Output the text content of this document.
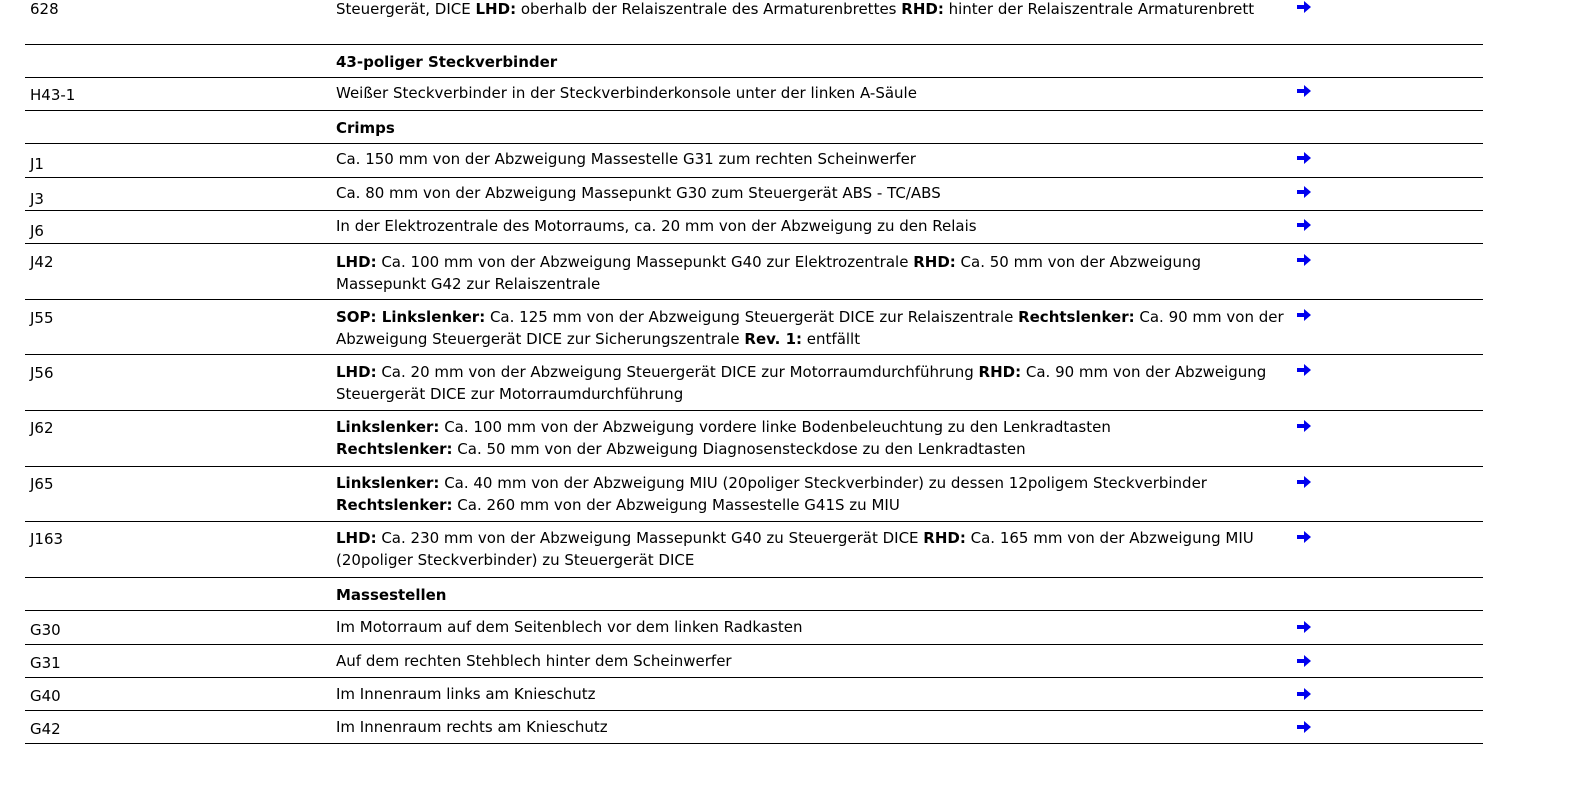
628	Steuergerät, DICE LHD: oberhalb der Relaiszentrale des Armaturenbrettes RHD: hinter der Relaiszentrale Armaturenbrett
43-poliger Steckverbinder
H43-1	Weißer Steckverbinder in der Steckverbinderkonsole unter der linken A-Säule
Crimps
J1	Ca. 150 mm von der Abzweigung Massestelle G31 zum rechten Scheinwerfer
J3	Ca. 80 mm von der Abzweigung Massepunkt G30 zum Steuergerät ABS - TC/ABS
J6	In der Elektrozentrale des Motorraums, ca. 20 mm von der Abzweigung zu den Relais
J42	LHD: Ca. 100 mm von der Abzweigung Massepunkt G40 zur Elektrozentrale RHD: Ca. 50 mm von der Abzweigung Massepunkt G42 zur Relaiszentrale
J55	SOP: Linkslenker: Ca. 125 mm von der Abzweigung Steuergerät DICE zur Relaiszentrale Rechtslenker: Ca. 90 mm von der Abzweigung Steuergerät DICE zur Sicherungszentrale Rev. 1: entfällt
J56	LHD: Ca. 20 mm von der Abzweigung Steuergerät DICE zur Motorraumdurchführung RHD: Ca. 90 mm von der Abzweigung Steuergerät DICE zur Motorraumdurchführung
J62	Linkslenker: Ca. 100 mm von der Abzweigung vordere linke Bodenbeleuchtung zu den Lenkradtasten
Rechtslenker: Ca. 50 mm von der Abzweigung Diagnosensteckdose zu den Lenkradtasten
J65	Linkslenker: Ca. 40 mm von der Abzweigung MIU (20poliger Steckverbinder) zu dessen 12poligem Steckverbinder
Rechtslenker: Ca. 260 mm von der Abzweigung Massestelle G41S zu MIU
J163	LHD: Ca. 230 mm von der Abzweigung Massepunkt G40 zu Steuergerät DICE RHD: Ca. 165 mm von der Abzweigung MIU (20poliger Steckverbinder) zu Steuergerät DICE
Massestellen
G30	Im Motorraum auf dem Seitenblech vor dem linken Radkasten
G31	Auf dem rechten Stehblech hinter dem Scheinwerfer
G40	Im Innenraum links am Knieschutz
G42	Im Innenraum rechts am Knieschutz
